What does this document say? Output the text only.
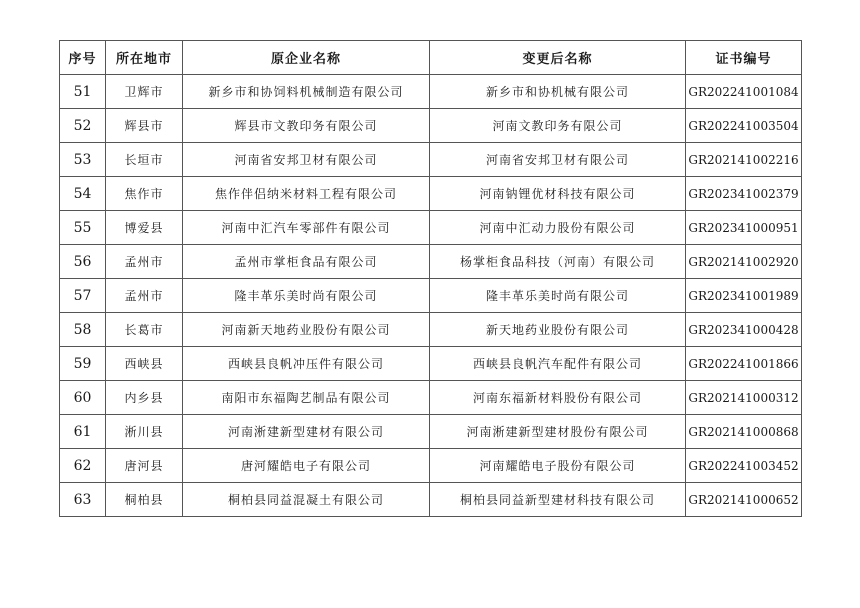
序号	所在地市	原企业名称	变更后名称	证书编号
51	卫辉市	新乡市和协饲料机械制造有限公司	新乡市和协机械有限公司	GR202241001084
52	辉县市	辉县市文教印务有限公司	河南文教印务有限公司	GR202241003504
53	长垣市	河南省安邦卫材有限公司	河南省安邦卫材有限公司	GR202141002216
54	焦作市	焦作伴侣纳米材料工程有限公司	河南钠锂优材科技有限公司	GR202341002379
55	博爱县	河南中汇汽车零部件有限公司	河南中汇动力股份有限公司	GR202341000951
56	孟州市	孟州市掌柜食品有限公司	杨掌柜食品科技（河南）有限公司	GR202141002920
57	孟州市	隆丰革乐美时尚有限公司	隆丰革乐美时尚有限公司	GR202341001989
58	长葛市	河南新天地药业股份有限公司	新天地药业股份有限公司	GR202341000428
59	西峡县	西峡县良帆冲压件有限公司	西峡县良帆汽车配件有限公司	GR202241001866
60	内乡县	南阳市东福陶艺制品有限公司	河南东福新材料股份有限公司	GR202141000312
61	淅川县	河南淅建新型建材有限公司	河南淅建新型建材股份有限公司	GR202141000868
62	唐河县	唐河耀皓电子有限公司	河南耀皓电子股份有限公司	GR202241003452
63	桐柏县	桐柏县同益混凝土有限公司	桐柏县同益新型建材科技有限公司	GR202141000652
